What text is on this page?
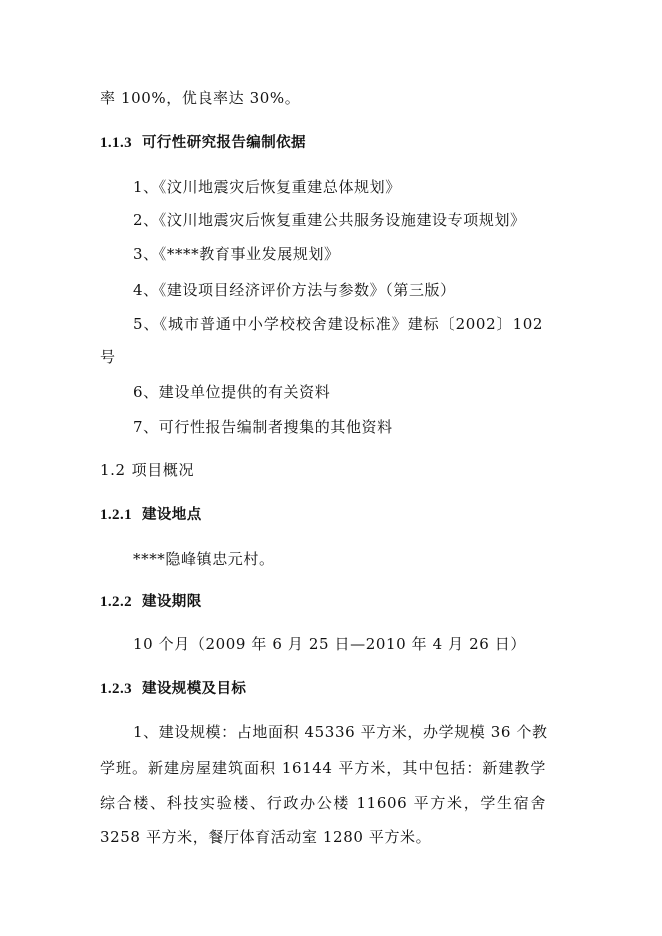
率 100%，优良率达 30%。
1.1.3 可行性研究报告编制依据
1、《汶川地震灾后恢复重建总体规划》
2、《汶川地震灾后恢复重建公共服务设施建设专项规划》
3、《****教育事业发展规划》
4、《建设项目经济评价方法与参数》（第三版）
5、《城市普通中小学校校舍建设标准》建标〔2002〕102
号
6、建设单位提供的有关资料
7、可行性报告编制者搜集的其他资料
1.2 项目概况
1.2.1 建设地点
****隐峰镇忠元村。
1.2.2 建设期限
10 个月（2009 年 6 月 25 日—2010 年 4 月 26 日）
1.2.3 建设规模及目标
1、建设规模：占地面积 45336 平方米，办学规模 36 个教
学班。新建房屋建筑面积 16144 平方米，其中包括：新建教学
综合楼、科技实验楼、行政办公楼 11606 平方米，学生宿舍
3258 平方米，餐厅体育活动室 1280 平方米。
